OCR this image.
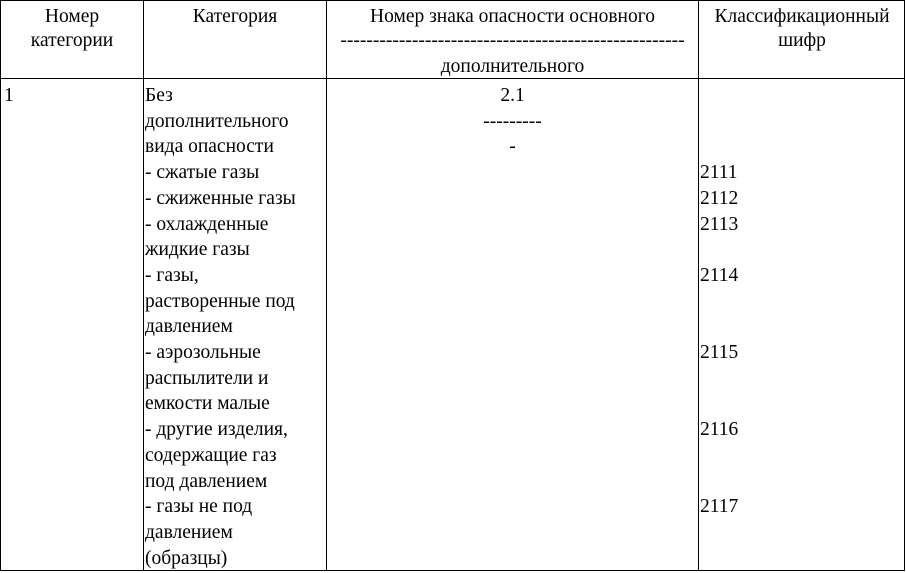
Номер
категории
Категория	Номер знака опасности основного
-----------------------------------------------------
дополнительного
Классификационный
шифр
1	Без
дополнительного
вида опасности
- сжатые газы
- сжиженные газы
- охлажденные
жидкие газы
- газы,
растворенные под
давлением
- аэрозольные
распылители и
емкости малые
- другие изделия,
содержащие газ
под давлением
- газы не под
давлением
(образцы)
2.1
---------
-

2111
2112
2113

2114

2115

2116

2117
